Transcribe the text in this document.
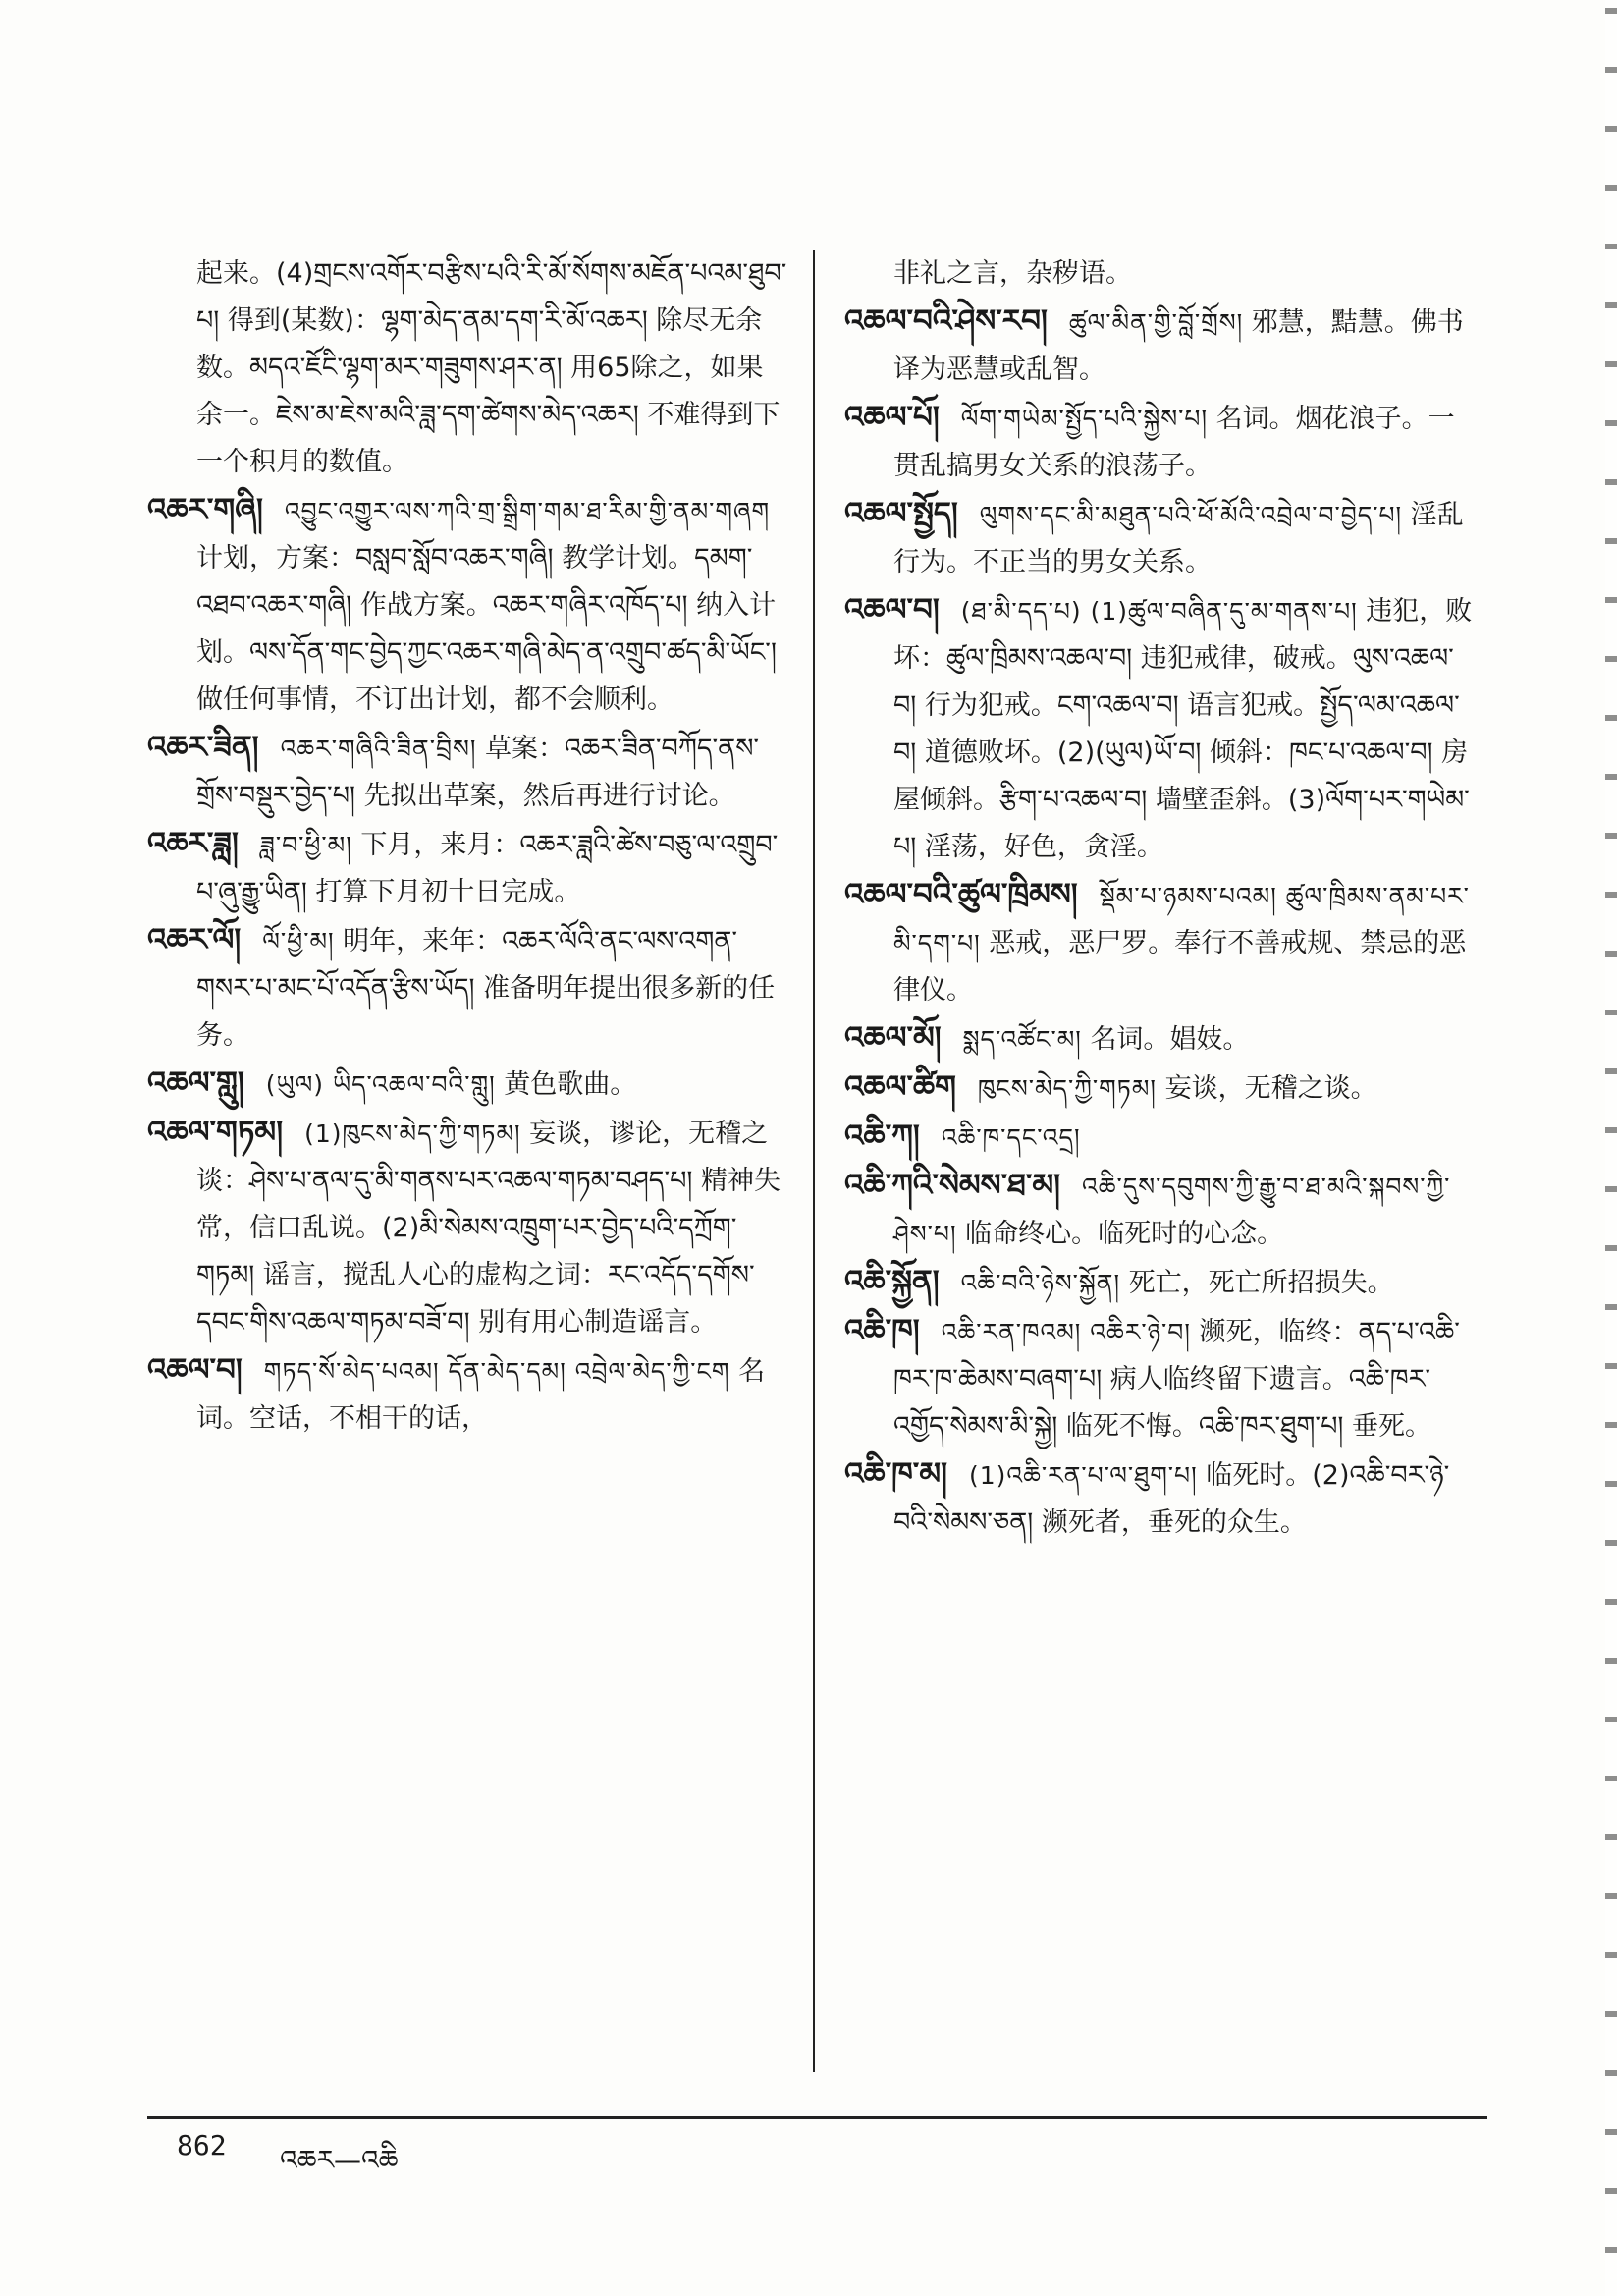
起来。(4)གྲངས་འགོར་བརྩིས་པའི་རི་མོ་སོགས་མཇོན་པའམ་ཐུབ་པ། 得到(某数)：ལྷག་མེད་ནམ་དག་རི་མོ་འཆར། 除尽无余数。མདའ་ཇོངི་ལྷག་མར་གཟུགས་ཤར་ན། 用65除之，如果余一。ཇེས་མ་ཇེས་མའི་ཟླ་དག་ཚེགས་མེད་འཆར། 不难得到下一个积月的数值。

འཆར་གཞི། འབྱུང་འགྱུར་ལས་ཀའི་གྲ་སྒྲིག་གམ་ཐ་རིམ་གྱི་ནམ་གཞག 计划，方案：བསླབ་སློབ་འཆར་གཞི། 教学计划。དམག་འཐབ་འཆར་གཞི། 作战方案。འཆར་གཞིར་འཁོད་པ། 纳入计划。ལས་དོན་གང་བྱེད་ཀྱང་འཆར་གཞི་མེད་ན་འགྲུབ་ཚད་མི་ཡོང་། 做任何事情，不订出计划，都不会顺利。

འཆར་ཟིན། འཆར་གཞིའི་ཟིན་བྲིས། 草案：འཆར་ཟིན་བཀོད་ནས་གྲོས་བསྡུར་བྱེད་པ། 先拟出草案，然后再进行讨论。

འཆར་ཟླ། ཟླ་བ་ཕྱི་མ། 下月，来月：འཆར་ཟླའི་ཚེས་བཅུ་ལ་འགྲུབ་པ་ཞུ་རྒྱུ་ཡིན། 打算下月初十日完成。

འཆར་ལོ། ལོ་ཕྱི་མ། 明年，来年：འཆར་ལོའི་ནང་ལས་འགན་གསར་པ་མང་པོ་འདོན་རྩིས་ཡོད། 准备明年提出很多新的任务。

འཆལ་གླུ། (ཡུལ) ཡིད་འཆལ་བའི་གླུ། 黄色歌曲。

འཆལ་གཏམ། (1)ཁུངས་མེད་ཀྱི་གཏམ། 妄谈，谬论，无稽之谈：ཤེས་པ་ནལ་དུ་མི་གནས་པར་འཆལ་གཏམ་བཤད་པ། 精神失常，信口乱说。(2)མི་སེམས་འཁྲུག་པར་བྱེད་པའི་དཀྲོག་གཏམ། 谣言，搅乱人心的虚构之词：རང་འདོད་དགོས་དབང་གིས་འཆལ་གཏམ་བཟོ་བ། 别有用心制造谣言。

འཆལ་བ། གཏད་སོ་མེད་པའམ། དོན་མེད་དམ། འབྲེལ་མེད་ཀྱི་ངག 名词。空话，不相干的话，

非礼之言，杂秽语。

འཆལ་བའི་ཤེས་རབ། ཚུལ་མིན་གྱི་བློ་གྲོས། 邪慧，黠慧。佛书译为恶慧或乱智。

འཆལ་པོ། ལོག་གཡེམ་སྤྱོད་པའི་སྐྱེས་པ། 名词。烟花浪子。一贯乱搞男女关系的浪荡子。

འཆལ་སྤྱོད། ལུགས་དང་མི་མཐུན་པའི་ཕོ་མོའི་འབྲེལ་བ་བྱེད་པ། 淫乱行为。不正当的男女关系。

འཆལ་བ། (ཐ་མི་དད་པ) (1)ཚུལ་བཞིན་དུ་མ་གནས་པ། 违犯，败坏：ཚུལ་ཁྲིམས་འཆལ་བ། 违犯戒律，破戒。ལུས་འཆལ་བ། 行为犯戒。ངག་འཆལ་བ། 语言犯戒。སྤྱོད་ལམ་འཆལ་བ། 道德败坏。(2)(ཡུལ)ཡོ་བ། 倾斜：ཁང་པ་འཆལ་བ། 房屋倾斜。རྩིག་པ་འཆལ་བ། 墙壁歪斜。(3)ལོག་པར་གཡེམ་པ། 淫荡，好色，贪淫。

འཆལ་བའི་ཚུལ་ཁྲིམས། སྡོམ་པ་ཉམས་པའམ། ཚུལ་ཁྲིམས་ནམ་པར་མི་དག་པ། 恶戒，恶尸罗。奉行不善戒规、禁忌的恶律仪。

འཆལ་མོ། སྨད་འཚོང་མ། 名词。娼妓。

འཆལ་ཚིག ཁུངས་མེད་ཀྱི་གཏམ། 妄谈，无稽之谈。

འཆི་ཀ། འཆི་ཁ་དང་འདྲ།

འཆི་ཀའི་སེམས་ཐ་མ། འཆི་དུས་དབུགས་ཀྱི་རྒྱུ་བ་ཐ་མའི་སྐབས་ཀྱི་ཤེས་པ། 临命终心。临死时的心念。

འཆི་སྐྱོན། འཆི་བའི་ཉེས་སྐྱོན། 死亡，死亡所招损失。

འཆི་ཁ། འཆི་རན་ཁའམ། འཆིར་ཉེ་བ། 濒死，临终：ནད་པ་འཆི་ཁར་ཁ་ཆེམས་བཞག་པ། 病人临终留下遗言。འཆི་ཁར་འགྱོད་སེམས་མི་སྐྱེ། 临死不悔。འཆི་ཁར་ཐུག་པ། 垂死。

འཆི་ཁ་མ། (1)འཆི་རན་པ་ལ་ཐུག་པ། 临死时。(2)འཆི་བར་ཉེ་བའི་སེམས་ཅན། 濒死者，垂死的众生。

862 འཆར—འཆི
